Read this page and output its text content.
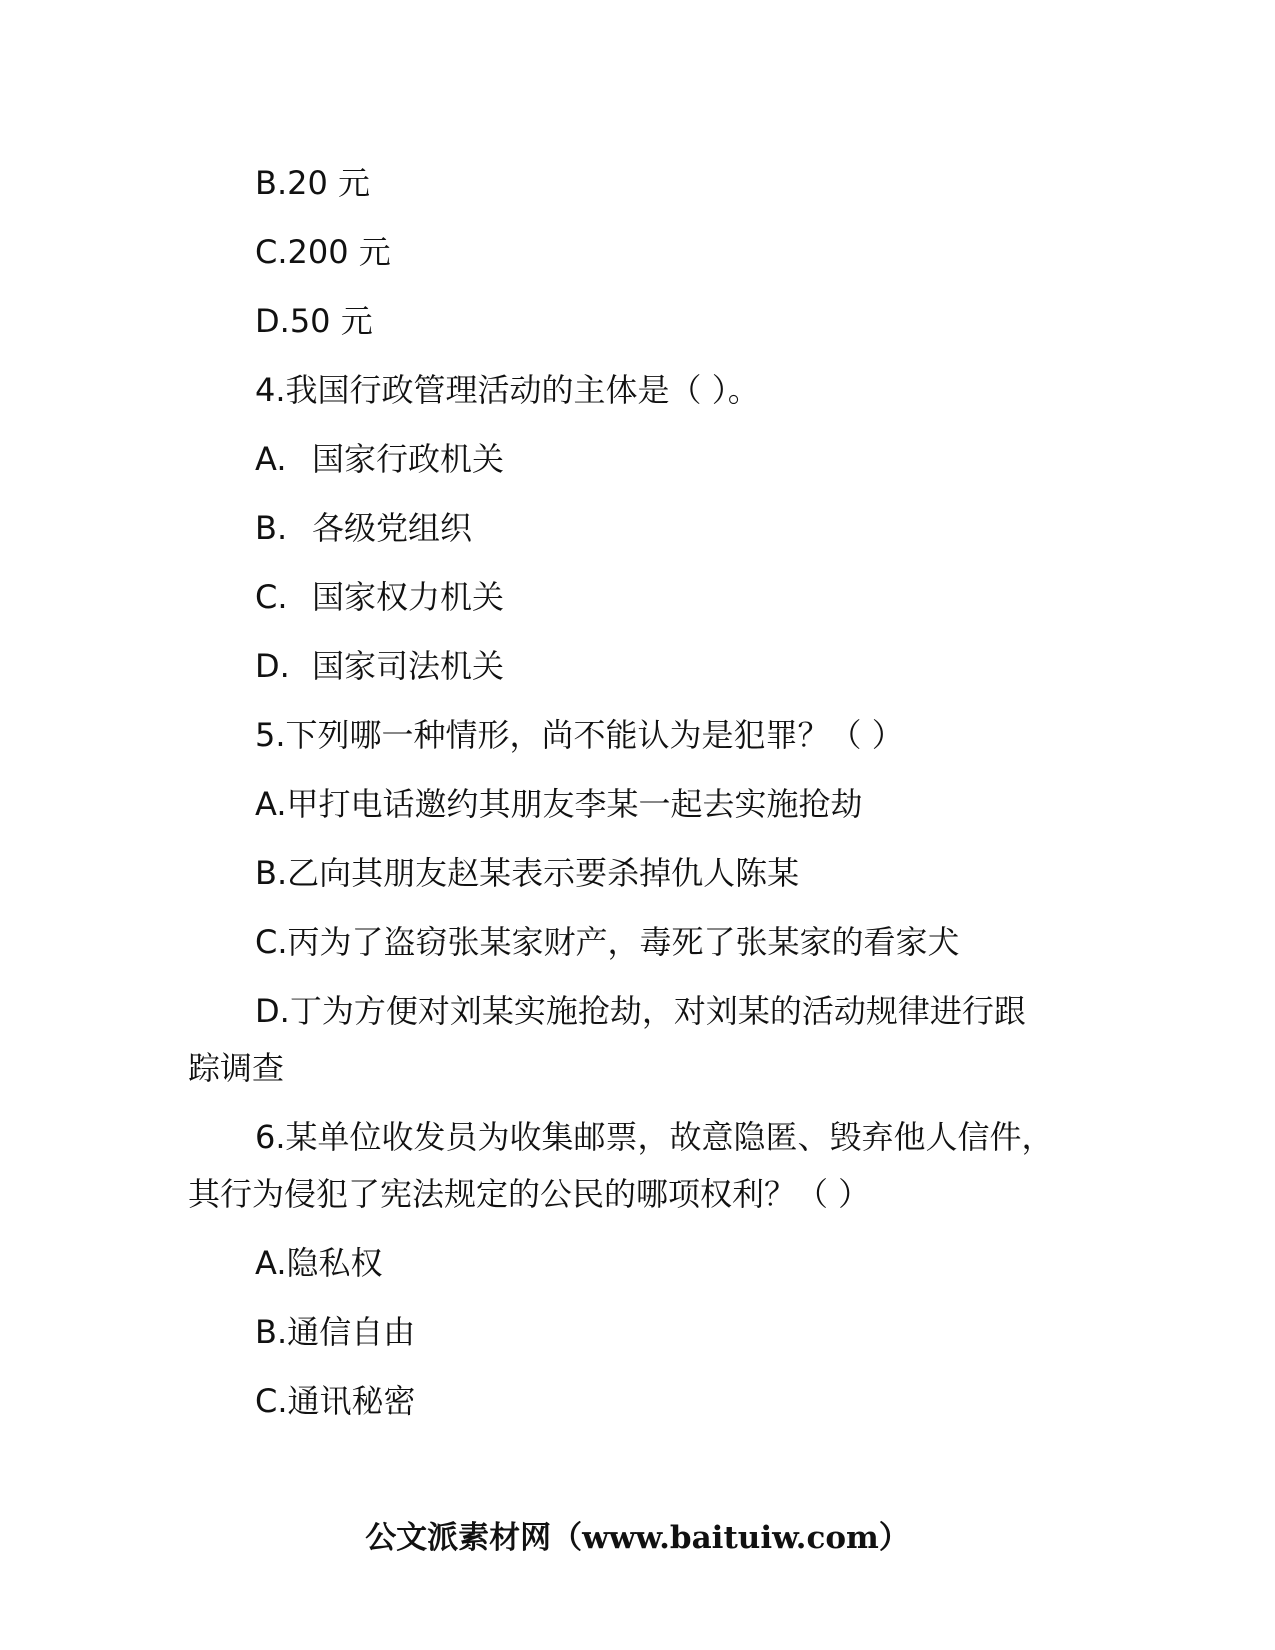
B.20 元
C.200 元
D.50 元
4.我国行政管理活动的主体是（ ）。
A. 国家行政机关
B. 各级党组织
C. 国家权力机关
D. 国家司法机关
5.下列哪一种情形，尚不能认为是犯罪？（ ）
A.甲打电话邀约其朋友李某一起去实施抢劫
B.乙向其朋友赵某表示要杀掉仇人陈某
C.丙为了盗窃张某家财产，毒死了张某家的看家犬
D.丁为方便对刘某实施抢劫，对刘某的活动规律进行跟
踪调查
6.某单位收发员为收集邮票，故意隐匿、毁弃他人信件，
其行为侵犯了宪法规定的公民的哪项权利？（ ）
A.隐私权
B.通信自由
C.通讯秘密
公文派素材网（www.baituiw.com）
